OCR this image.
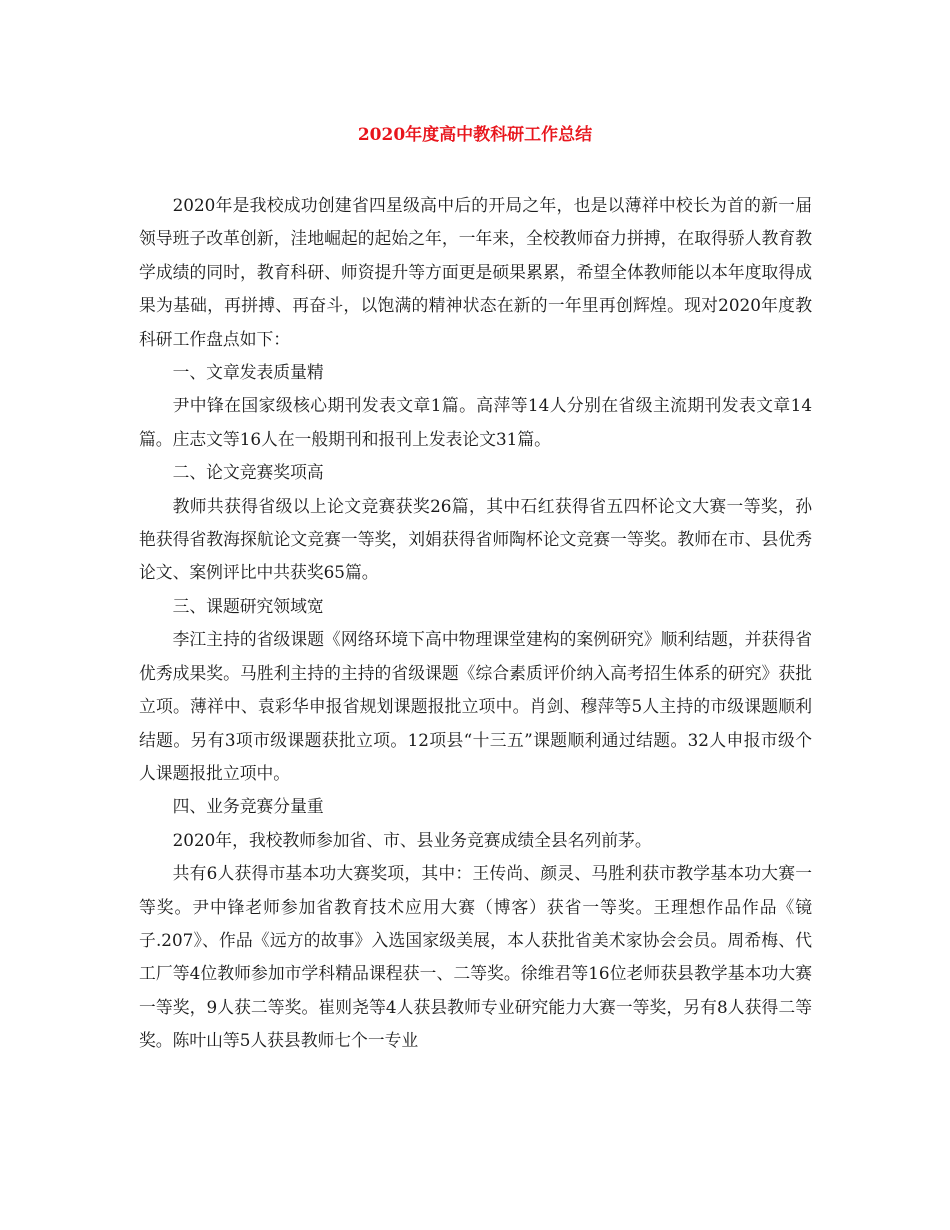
2020年度高中教科研工作总结

2020年是我校成功创建省四星级高中后的开局之年，也是以薄祥中校长为首的新一届领导班子改革创新，洼地崛起的起始之年，一年来，全校教师奋力拼搏，在取得骄人教育教学成绩的同时，教育科研、师资提升等方面更是硕果累累，希望全体教师能以本年度取得成果为基础，再拼搏、再奋斗，以饱满的精神状态在新的一年里再创辉煌。现对2020年度教科研工作盘点如下：

一、文章发表质量精

尹中锋在国家级核心期刊发表文章1篇。高萍等14人分别在省级主流期刊发表文章14篇。庄志文等16人在一般期刊和报刊上发表论文31篇。

二、论文竞赛奖项高

教师共获得省级以上论文竞赛获奖26篇，其中石红获得省五四杯论文大赛一等奖，孙艳获得省教海探航论文竞赛一等奖，刘娟获得省师陶杯论文竞赛一等奖。教师在市、县优秀论文、案例评比中共获奖65篇。

三、课题研究领域宽

李江主持的省级课题《网络环境下高中物理课堂建构的案例研究》顺利结题，并获得省优秀成果奖。马胜利主持的主持的省级课题《综合素质评价纳入高考招生体系的研究》获批立项。薄祥中、袁彩华申报省规划课题报批立项中。肖剑、穆萍等5人主持的市级课题顺利结题。另有3项市级课题获批立项。12项县“十三五”课题顺利通过结题。32人申报市级个人课题报批立项中。

四、业务竞赛分量重

2020年，我校教师参加省、市、县业务竞赛成绩全县名列前茅。

共有6人获得市基本功大赛奖项，其中：王传尚、颜灵、马胜利获市教学基本功大赛一等奖。尹中锋老师参加省教育技术应用大赛（博客）获省一等奖。王理想作品作品《镜子.207》、作品《远方的故事》入选国家级美展，本人获批省美术家协会会员。周希梅、代工厂等4位教师参加市学科精品课程获一、二等奖。徐维君等16位老师获县教学基本功大赛一等奖，9人获二等奖。崔则尧等4人获县教师专业研究能力大赛一等奖，另有8人获得二等奖。陈叶山等5人获县教师七个一专业
